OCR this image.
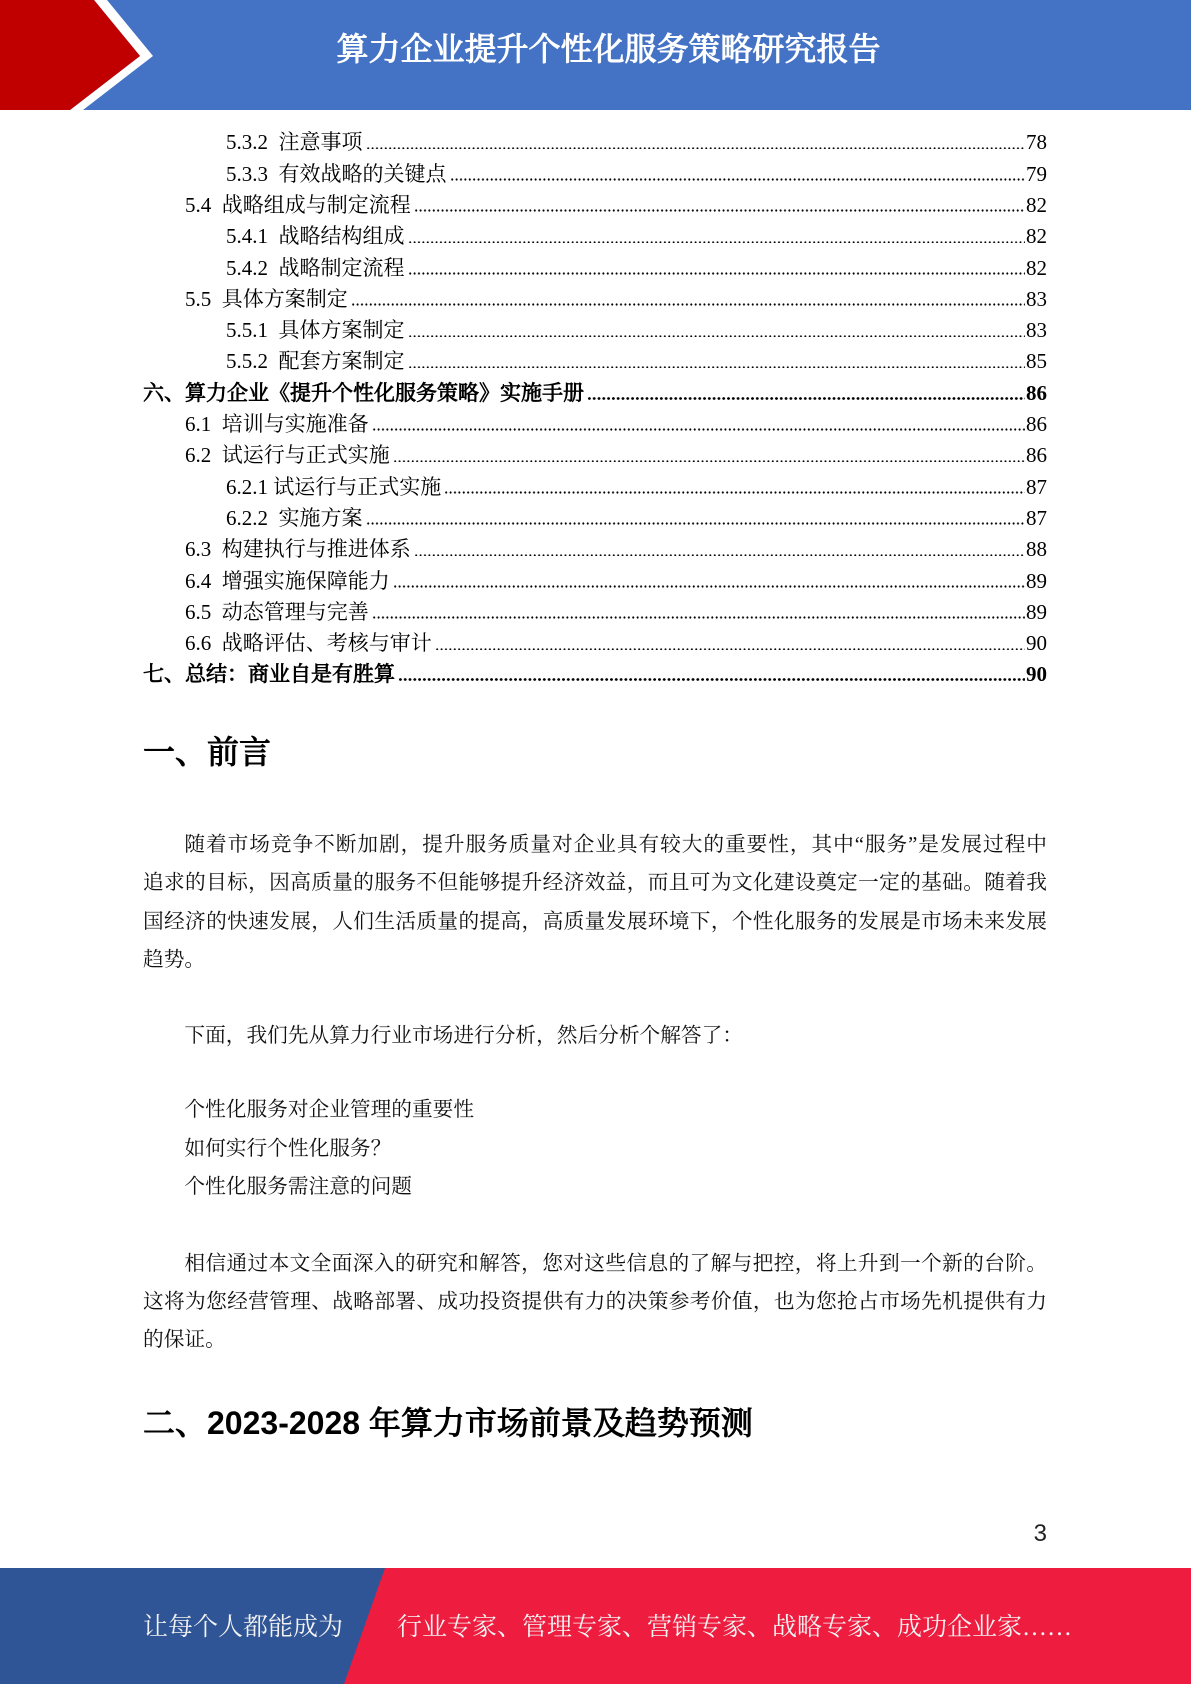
算力企业提升个性化服务策略研究报告
5.3.2  注意事项	78
5.3.3  有效战略的关键点	79
5.4  战略组成与制定流程	82
5.4.1  战略结构组成	82
5.4.2  战略制定流程	82
5.5  具体方案制定	83
5.5.1  具体方案制定	83
5.5.2  配套方案制定	85
六、算力企业《提升个性化服务策略》实施手册	86
6.1  培训与实施准备	86
6.2  试运行与正式实施	86
6.2.1 试运行与正式实施	87
6.2.2  实施方案	87
6.3  构建执行与推进体系	88
6.4  增强实施保障能力	89
6.5  动态管理与完善	89
6.6  战略评估、考核与审计	90
七、总结：商业自是有胜算	90
一、前言
随着市场竞争不断加剧，提升服务质量对企业具有较大的重要性，其中“服务”是发展过程中
追求的目标，因高质量的服务不但能够提升经济效益，而且可为文化建设奠定一定的基础。随着我
国经济的快速发展，人们生活质量的提高，高质量发展环境下，个性化服务的发展是市场未来发展
趋势。
下面，我们先从算力行业市场进行分析，然后分析个解答了：
个性化服务对企业管理的重要性
如何实行个性化服务？
个性化服务需注意的问题
相信通过本文全面深入的研究和解答，您对这些信息的了解与把控，将上升到一个新的台阶。
这将为您经营管理、战略部署、成功投资提供有力的决策参考价值，也为您抢占市场先机提供有力
的保证。
二、2023-2028 年算力市场前景及趋势预测
3
让每个人都能成为 行业专家、管理专家、营销专家、战略专家、成功企业家……
